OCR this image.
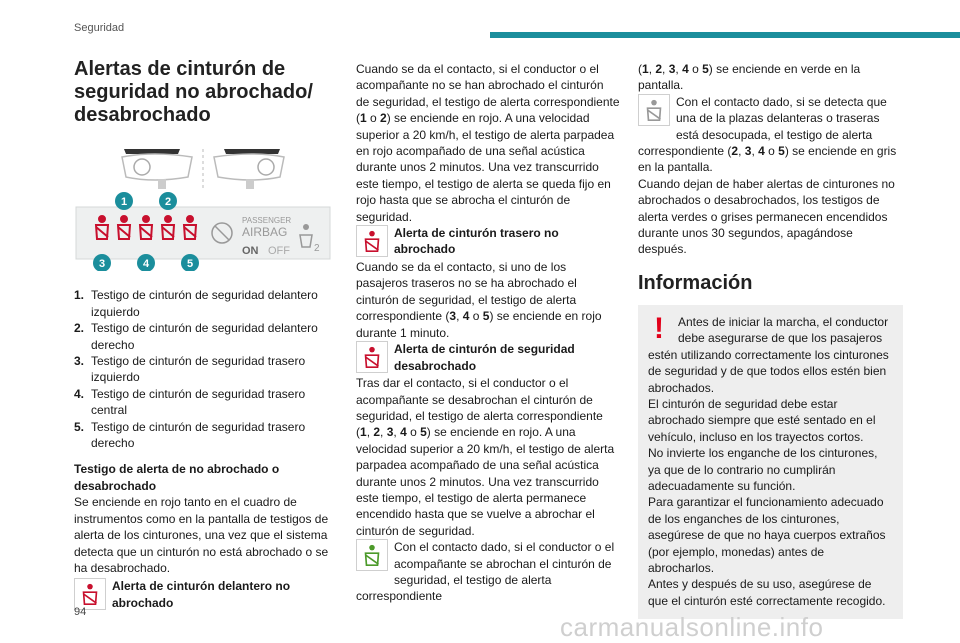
Seguridad
Alertas de cinturón de seguridad no abrochado/ desabrochado
PASSENGER
AIRBAG
ON OFF 2
1	2
3	4	5
1. Testigo de cinturón de seguridad delantero izquierdo
2. Testigo de cinturón de seguridad delantero derecho
3. Testigo de cinturón de seguridad trasero izquierdo
4. Testigo de cinturón de seguridad trasero central
5. Testigo de cinturón de seguridad trasero derecho

Testigo de alerta de no abrochado o desabrochado

Se enciende en rojo tanto en el cuadro de instrumentos como en la pantalla de testigos de alerta de los cinturones, una vez que el sistema detecta que un cinturón no está abrochado o se ha desabrochado.

Alerta de cinturón delantero no abrochado

Cuando se da el contacto, si el conductor o el acompañante no se han abrochado el cinturón de seguridad, el testigo de alerta correspondiente (1 o 2) se enciende en rojo. A una velocidad superior a 20 km/h, el testigo de alerta parpadea en rojo acompañado de una señal acústica durante unos 2 minutos. Una vez transcurrido este tiempo, el testigo de alerta se queda fijo en rojo hasta que se abrocha el cinturón de seguridad.

Alerta de cinturón trasero no abrochado

Cuando se da el contacto, si uno de los pasajeros traseros no se ha abrochado el cinturón de seguridad, el testigo de alerta correspondiente (3, 4 o 5) se enciende en rojo durante 1 minuto.

Alerta de cinturón de seguridad desabrochado

Tras dar el contacto, si el conductor o el acompañante se desabrochan el cinturón de seguridad, el testigo de alerta correspondiente (1, 2, 3, 4 o 5) se enciende en rojo. A una velocidad superior a 20 km/h, el testigo de alerta parpadea acompañado de una señal acústica durante unos 2 minutos. Una vez transcurrido este tiempo, el testigo de alerta permanece encendido hasta que se vuelve a abrochar el cinturón de seguridad.

Con el contacto dado, si el conductor o el acompañante se abrochan el cinturón de seguridad, el testigo de alerta correspondiente

(1, 2, 3, 4 o 5) se enciende en verde en la pantalla.

Con el contacto dado, si se detecta que una de la plazas delanteras o traseras está desocupada, el testigo de alerta correspondiente (2, 3, 4 o 5) se enciende en gris en la pantalla.

Cuando dejan de haber alertas de cinturones no abrochados o desabrochados, los testigos de alerta verdes o grises permanecen encendidos durante unos 30 segundos, apagándose después.

Información
!	Antes de iniciar la marcha, el conductor debe asegurarse de que los pasajeros estén utilizando correctamente los cinturones de seguridad y de que todos ellos estén bien abrochados.

El cinturón de seguridad debe estar abrochado siempre que esté sentado en el vehículo, incluso en los trayectos cortos.

No invierte los enganche de los cinturones, ya que de lo contrario no cumplirán adecuadamente su función.

Para garantizar el funcionamiento adecuado de los enganches de los cinturones, asegúrese de que no haya cuerpos extraños (por ejemplo, monedas) antes de abrocharlos.

Antes y después de su uso, asegúrese de que el cinturón esté correctamente recogido.

94	carmanualsonline.info
